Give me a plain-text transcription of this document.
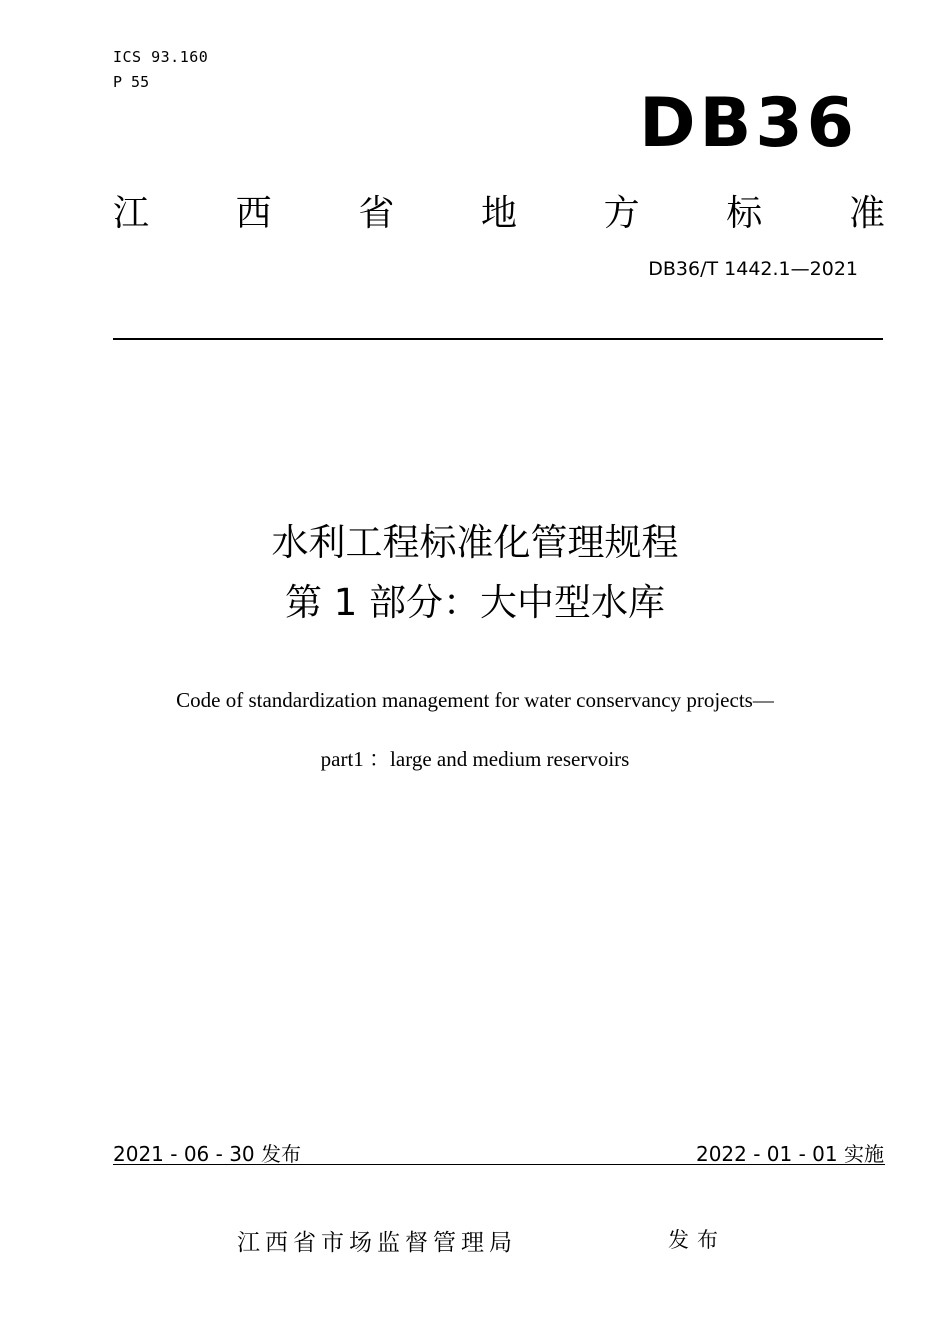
ICS 93.160
P 55
DB36
江 西 省 地 方 标 准
DB36/T 1442.1—2021
水利工程标准化管理规程
第 1 部分：大中型水库
Code of standardization management for water conservancy projects—
part1 ：large and medium reservoirs
2021 - 06 - 30 发布	2022 - 01 - 01 实施
江西省市场监督管理局	发布
